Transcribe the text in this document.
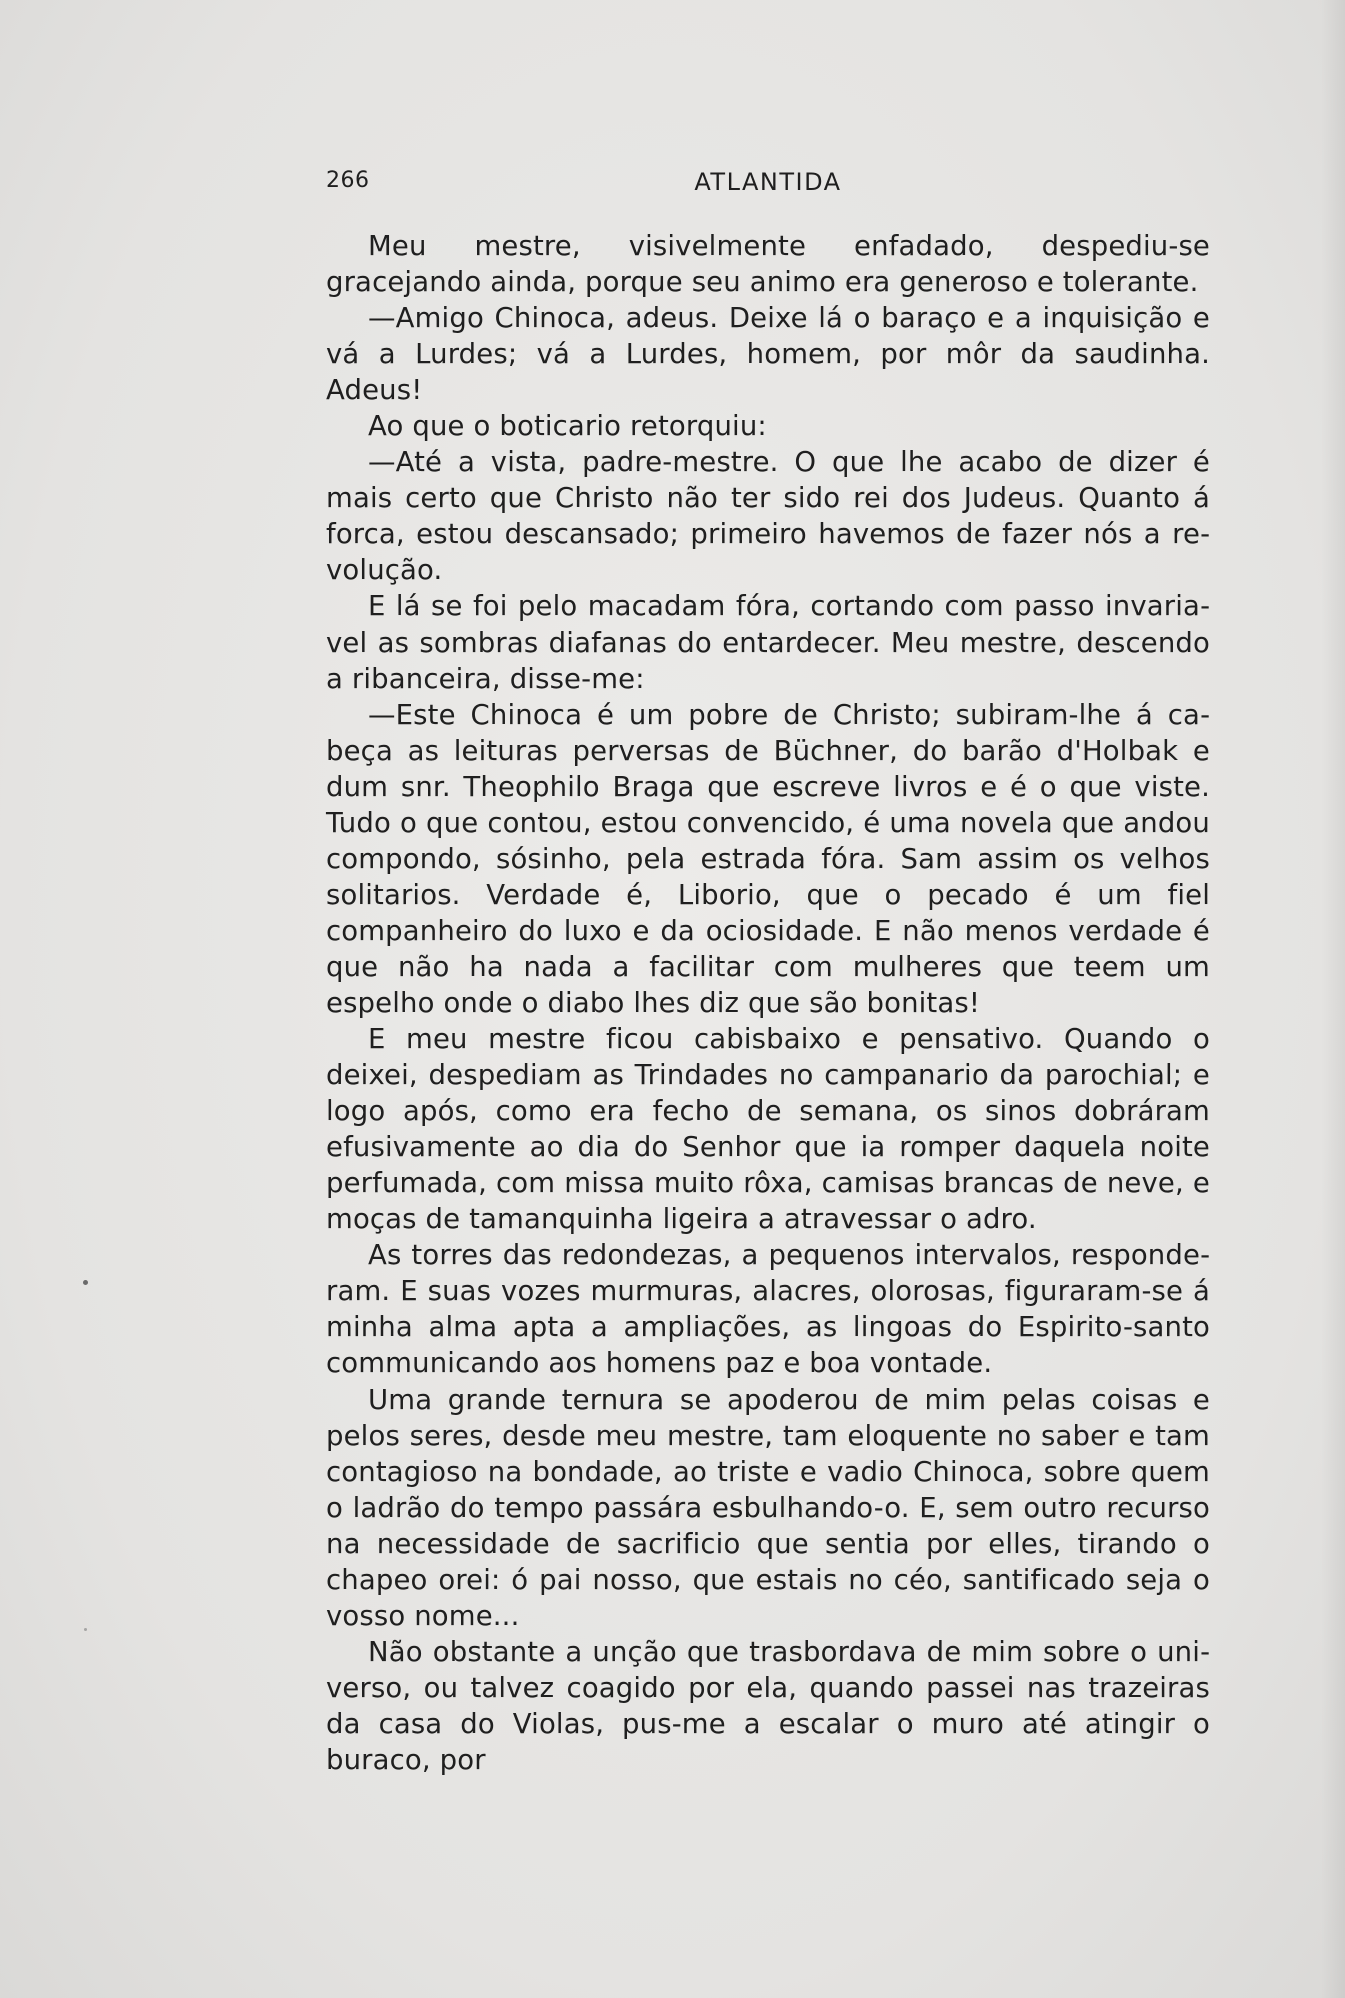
266	ATLANTIDA

Meu mestre, visivelmente enfadado, despediu-se gracejando ainda, porque seu animo era generoso e tolerante.

—Amigo Chinoca, adeus. Deixe lá o baraço e a inquisição e vá a Lurdes; vá a Lurdes, homem, por môr da saudinha. Adeus!

Ao que o boticario retorquiu:

—Até a vista, padre-mestre. O que lhe acabo de dizer é mais certo que Christo não ter sido rei dos Judeus. Quanto á forca, estou descansado; primeiro havemos de fazer nós a revolução.

E lá se foi pelo macadam fóra, cortando com passo invariavel as sombras diafanas do entardecer. Meu mestre, descendo a ribanceira, disse-me:

—Este Chinoca é um pobre de Christo; subiram-lhe á cabeça as leituras perversas de Büchner, do barão d'Holbak e dum snr. Theophilo Braga que escreve livros e é o que viste. Tudo o que contou, estou convencido, é uma novela que andou compondo, sósinho, pela estrada fóra. Sam assim os velhos solitarios. Verdade é, Liborio, que o pecado é um fiel companheiro do luxo e da ociosidade. E não menos verdade é que não ha nada a facilitar com mulheres que teem um espelho onde o diabo lhes diz que são bonitas!

E meu mestre ficou cabisbaixo e pensativo. Quando o deixei, despediam as Trindades no campanario da parochial; e logo após, como era fecho de semana, os sinos dobráram efusivamente ao dia do Senhor que ia romper daquela noite perfumada, com missa muito rôxa, camisas brancas de neve, e moças de tamanquinha ligeira a atravessar o adro.

As torres das redondezas, a pequenos intervalos, responderam. E suas vozes murmuras, alacres, olorosas, figuraram-se á minha alma apta a ampliações, as lingoas do Espirito-santo communicando aos homens paz e boa vontade.

Uma grande ternura se apoderou de mim pelas coisas e pelos seres, desde meu mestre, tam eloquente no saber e tam contagioso na bondade, ao triste e vadio Chinoca, sobre quem o ladrão do tempo passára esbulhando-o. E, sem outro recurso na necessidade de sacrificio que sentia por elles, tirando o chapeo orei: ó pai nosso, que estais no céo, santificado seja o vosso nome...

Não obstante a unção que trasbordava de mim sobre o universo, ou talvez coagido por ela, quando passei nas trazeiras da casa do Violas, pus-me a escalar o muro até atingir o buraco, por
